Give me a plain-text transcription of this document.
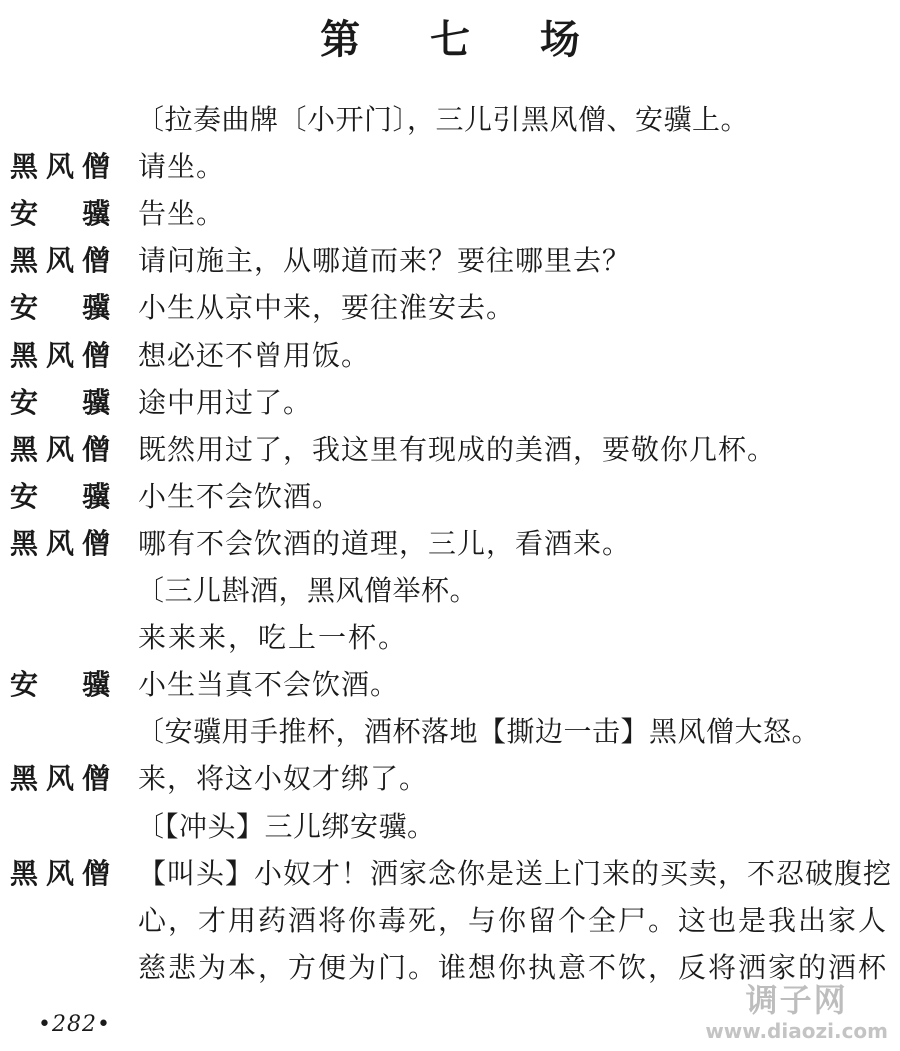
第 七 场
〔拉奏曲牌〔小开门〕，三儿引黑风僧、安骥上。
黑风僧 请坐。
安骥 告坐。
黑风僧 请问施主，从哪道而来？要往哪里去？
安骥 小生从京中来，要往淮安去。
黑风僧 想必还不曾用饭。
安骥 途中用过了。
黑风僧 既然用过了，我这里有现成的美酒，要敬你几杯。
安骥 小生不会饮酒。
黑风僧 哪有不会饮酒的道理，三儿，看酒来。
〔三儿斟酒，黑风僧举杯。
来来来，吃上一杯。
安骥 小生当真不会饮酒。
〔安骥用手推杯，酒杯落地【撕边一击】黑风僧大怒。
黑风僧 来，将这小奴才绑了。
〔【冲头】三儿绑安骥。
黑风僧 【叫头】小奴才！洒家念你是送上门来的买卖，不忍破腹挖
心，才用药酒将你毒死，与你留个全尸。这也是我出家人
慈悲为本，方便为门。谁想你执意不饮，反将洒家的酒杯
•282•
调子网
www.diaozi.com
